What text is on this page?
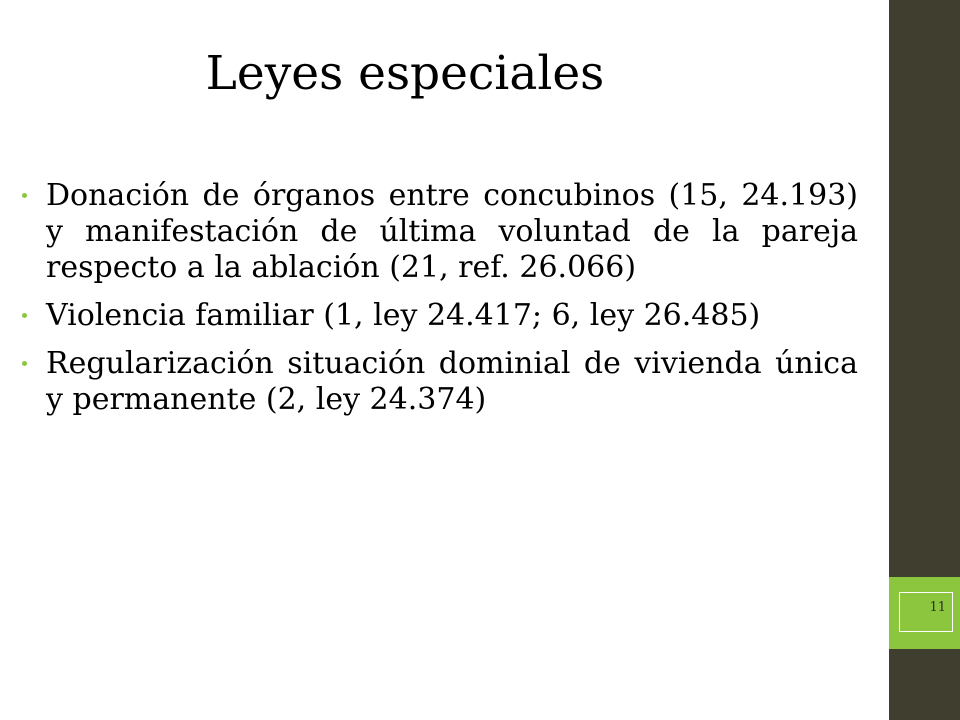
Leyes especiales
Donación de órganos entre concubinos (15, 24.193) y manifestación de última voluntad de la pareja respecto a la ablación (21, ref. 26.066)
Violencia familiar (1, ley 24.417; 6, ley 26.485)
Regularización situación dominial de vivienda única y permanente (2, ley 24.374)
11
